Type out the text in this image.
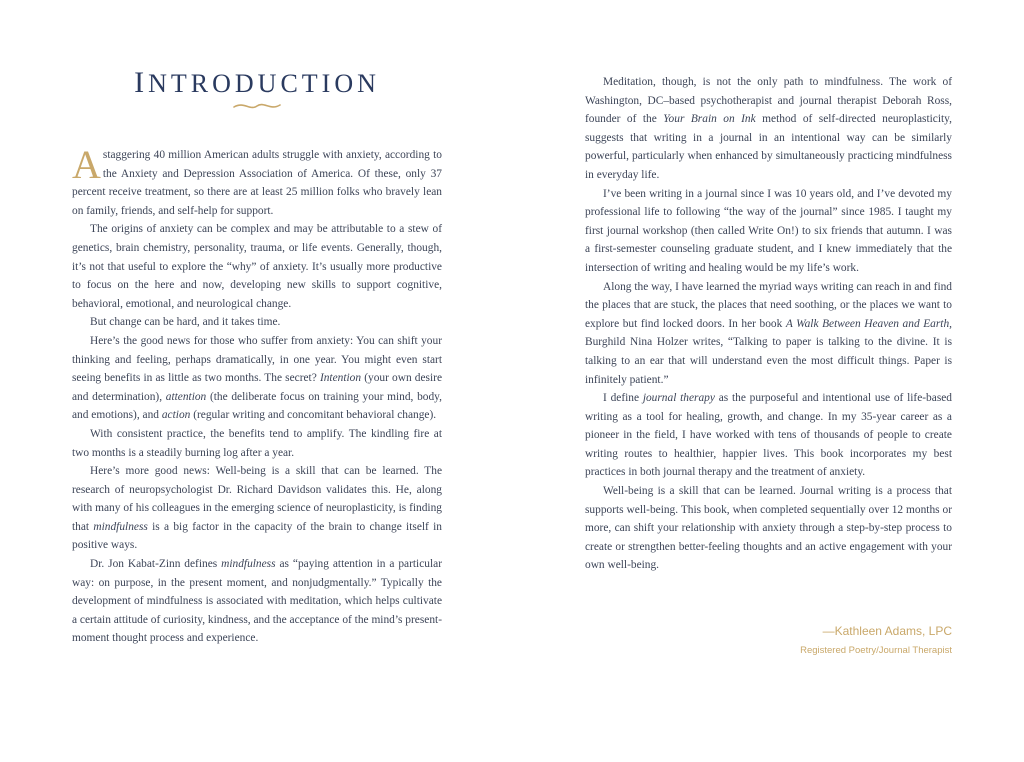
INTRODUCTION

Astaggering 40 million American adults struggle with anxiety, according to the Anxiety and Depression Association of America. Of these, only 37 percent receive treatment, so there are at least 25 million folks who bravely lean on family, friends, and self-help for support.

The origins of anxiety can be complex and may be attributable to a stew of genetics, brain chemistry, personality, trauma, or life events. Generally, though, it’s not that useful to explore the “why” of anxiety. It’s usually more productive to focus on the here and now, developing new skills to support cognitive, behavioral, emotional, and neurological change.

But change can be hard, and it takes time.

Here’s the good news for those who suffer from anxiety: You can shift your thinking and feeling, perhaps dramatically, in one year. You might even start seeing benefits in as little as two months. The secret? Intention (your own desire and determination), attention (the deliberate focus on training your mind, body, and emotions), and action (regular writing and concomitant behavioral change).

With consistent practice, the benefits tend to amplify. The kindling fire at two months is a steadily burning log after a year.

Here’s more good news: Well-being is a skill that can be learned. The research of neuropsychologist Dr. Richard Davidson validates this. He, along with many of his colleagues in the emerging science of neuroplasticity, is finding that mindfulness is a big factor in the capacity of the brain to change itself in positive ways.

Dr. Jon Kabat-Zinn defines mindfulness as “paying attention in a particular way: on purpose, in the present moment, and nonjudgmentally.” Typically the development of mindfulness is associated with meditation, which helps cultivate a certain attitude of curiosity, kindness, and the acceptance of the mind’s present-moment thought process and experience.

Meditation, though, is not the only path to mindfulness. The work of Washington, DC–based psychotherapist and journal therapist Deborah Ross, founder of the Your Brain on Ink method of self-directed neuroplasticity, suggests that writing in a journal in an intentional way can be similarly powerful, particularly when enhanced by simultaneously practicing mindfulness in everyday life.

I’ve been writing in a journal since I was 10 years old, and I’ve devoted my professional life to following “the way of the journal” since 1985. I taught my first journal workshop (then called Write On!) to six friends that autumn. I was a first-semester counseling graduate student, and I knew immediately that the intersection of writing and healing would be my life’s work.

Along the way, I have learned the myriad ways writing can reach in and find the places that are stuck, the places that need soothing, or the places we want to explore but find locked doors. In her book A Walk Between Heaven and Earth, Burghild Nina Holzer writes, “Talking to paper is talking to the divine. It is talking to an ear that will understand even the most difficult things. Paper is infinitely patient.”

I define journal therapy as the purposeful and intentional use of life-based writing as a tool for healing, growth, and change. In my 35-year career as a pioneer in the field, I have worked with tens of thousands of people to create writing routes to healthier, happier lives. This book incorporates my best practices in both journal therapy and the treatment of anxiety.

Well-being is a skill that can be learned. Journal writing is a process that supports well-being. This book, when completed sequentially over 12 months or more, can shift your relationship with anxiety through a step-by-step process to create or strengthen better-feeling thoughts and an active engagement with your own well-being.

—Kathleen Adams, LPC
Registered Poetry/Journal Therapist
